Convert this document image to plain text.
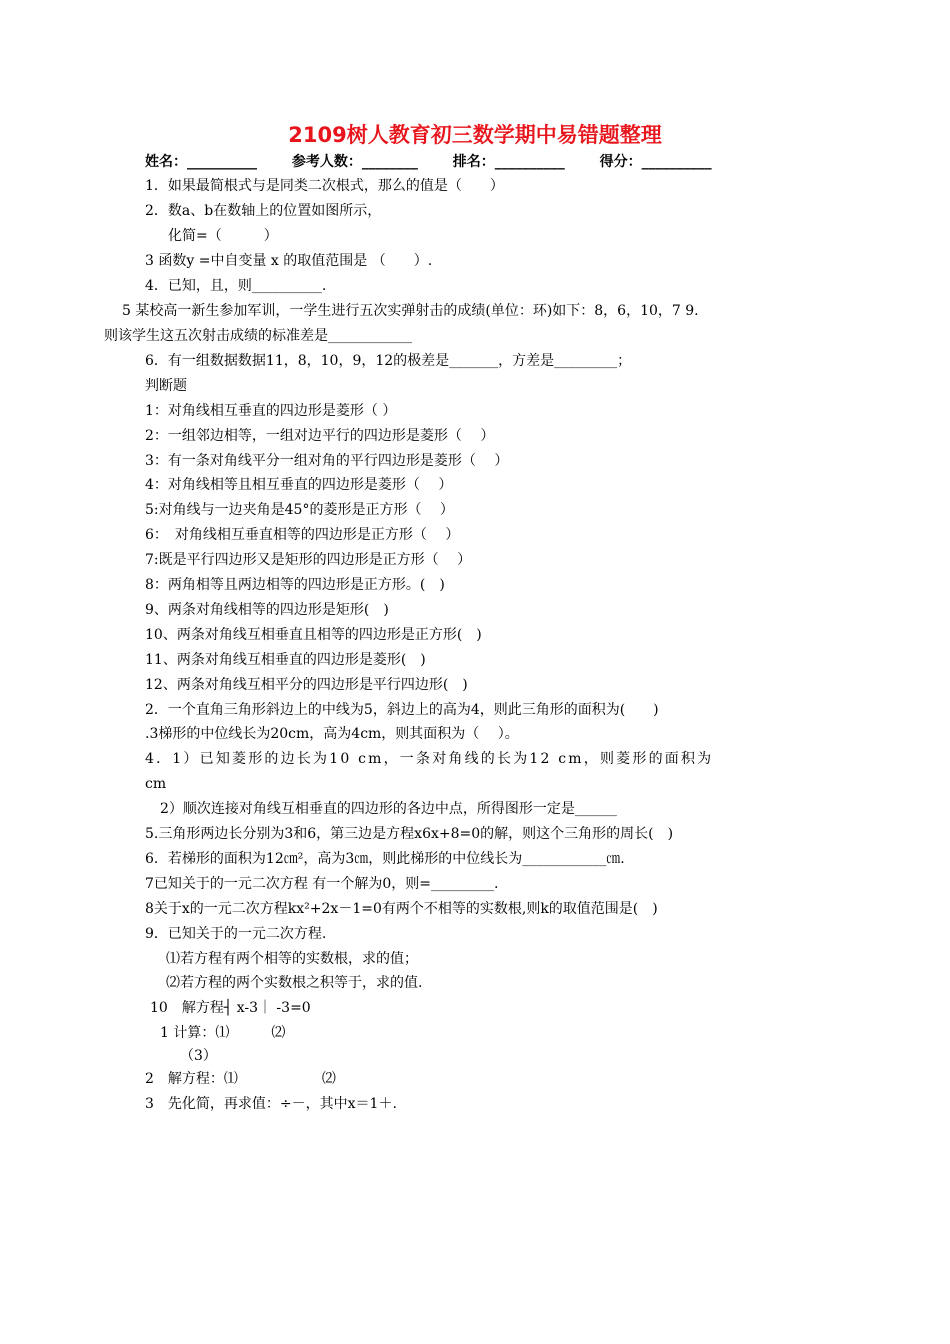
2109树人教育初三数学期中易错题整理
姓名：__________ 参考人数：________ 排名：__________ 得分：__________
1．如果最简根式与是同类二次根式，那么的值是（　　）
2．数a、b在数轴上的位置如图所示，
化简=（　　　）
3 函数y =中自变量 x 的取值范围是 （　　）.
4．已知，且，则__________.
5 某校高一新生参加军训，一学生进行五次实弹射击的成绩(单位：环)如下：8，6，10，7 9.
则该学生这五次射击成绩的标准差是____________
6．有一组数据数据11，8，10，9，12的极差是_______，方差是_________；
判断题
1：对角线相互垂直的四边形是菱形（ ）
2：一组邻边相等，一组对边平行的四边形是菱形（　 ）
3：有一条对角线平分一组对角的平行四边形是菱形（　 ）
4：对角线相等且相互垂直的四边形是菱形（　 ）
5:对角线与一边夹角是45°的菱形是正方形（　 ）
6：　对角线相互垂直相等的四边形是正方形（　 ）
7:既是平行四边形又是矩形的四边形是正方形（　 ）
8：两角相等且两边相等的四边形是正方形。(　)
9、两条对角线相等的四边形是矩形(　)
10、两条对角线互相垂直且相等的四边形是正方形(　)
11、两条对角线互相垂直的四边形是菱形(　)
12、两条对角线互相平分的四边形是平行四边形(　)
2．一个直角三角形斜边上的中线为5，斜边上的高为4，则此三角形的面积为(　　)
.3梯形的中位线长为20cm，高为4cm，则其面积为（　 ）。
4．1）已知菱形的边长为10 cm，一条对角线的长为12 cm，则菱形的面积为
cm
2）顺次连接对角线互相垂直的四边形的各边中点，所得图形一定是______
5.三角形两边长分别为3和6，第三边是方程x6x+8=0的解，则这个三角形的周长(　)
6．若梯形的面积为12㎝²，高为3㎝，则此梯形的中位线长为____________㎝.
7已知关于的一元二次方程 有一个解为0，则=_________.
8关于x的一元二次方程kx²+2x－1=0有两个不相等的实数根,则k的取值范围是(　)
9．已知关于的一元二次方程.
⑴若方程有两个相等的实数根，求的值；
⑵若方程的两个实数根之积等于，求的值.
10　解方程┤ x-3｜ -3=0
1 计算：⑴　　　⑵
（3）
2　解方程：⑴　　　　　　⑵
3　先化简，再求值：÷－，其中x＝1＋.
